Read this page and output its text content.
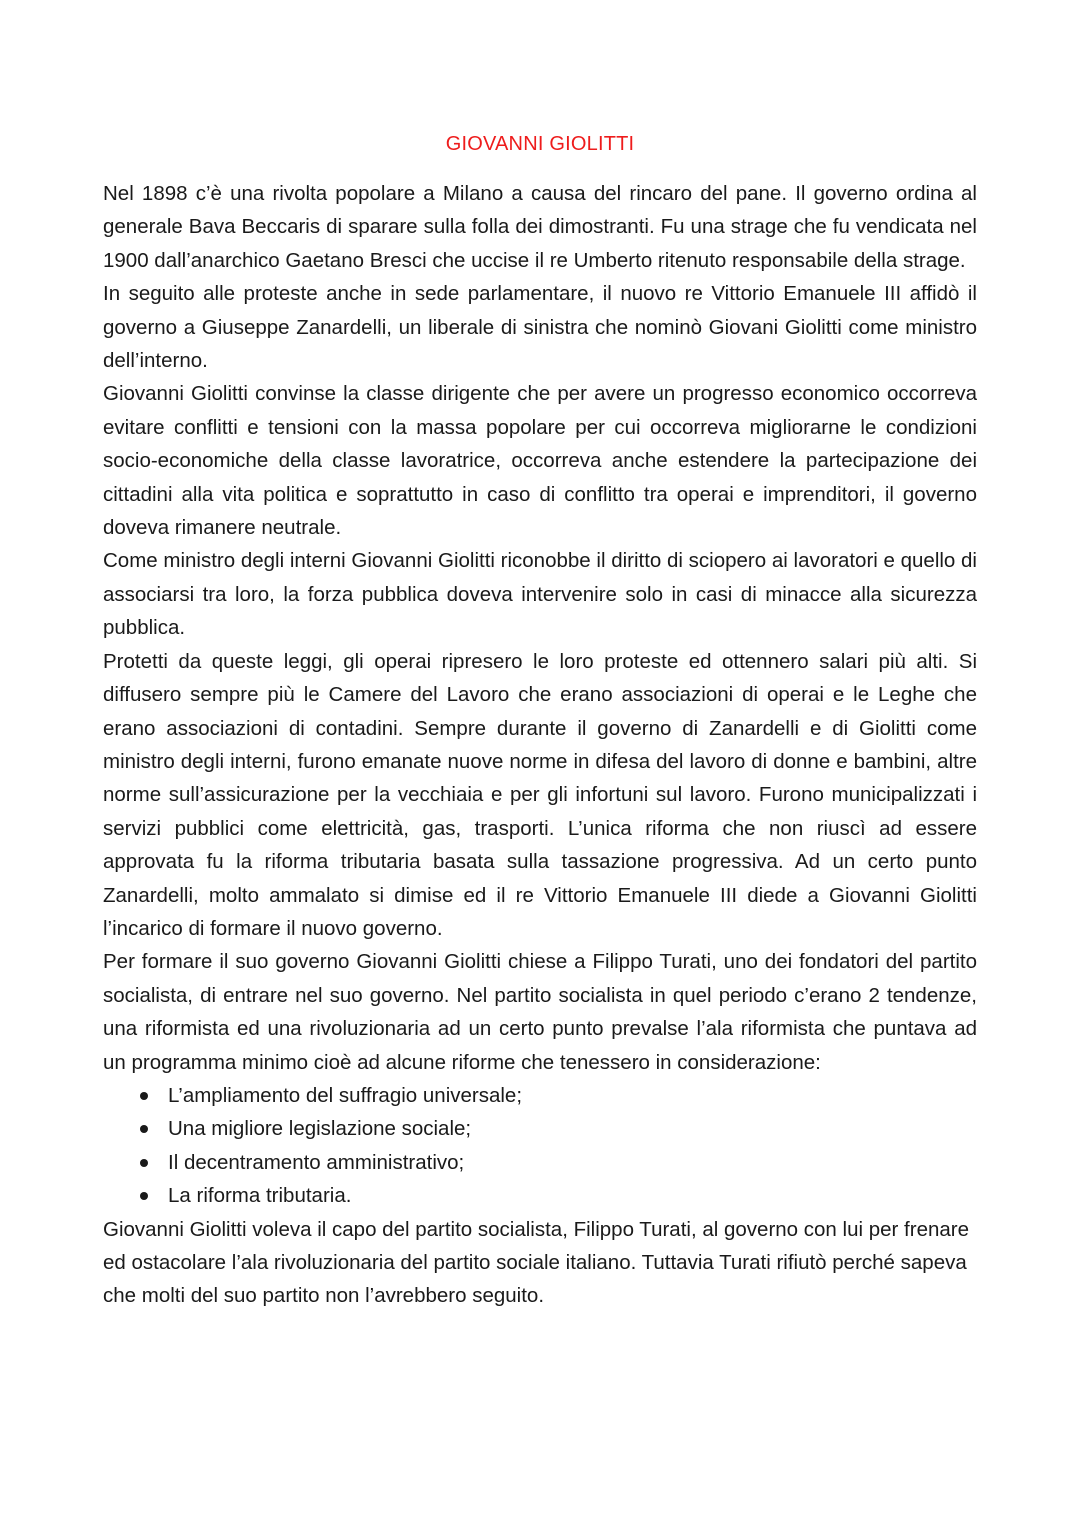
GIOVANNI GIOLITTI

Nel 1898 c’è una rivolta popolare a Milano a causa del rincaro del pane. Il governo ordina al generale Bava Beccaris di sparare sulla folla dei dimostranti. Fu una strage che fu vendicata nel 1900 dall’anarchico Gaetano Bresci che uccise il re Umberto ritenuto responsabile della strage.

In seguito alle proteste anche in sede parlamentare, il nuovo re Vittorio Emanuele III affidò il governo a Giuseppe Zanardelli, un liberale di sinistra che nominò Giovani Giolitti come ministro dell’interno.

Giovanni Giolitti convinse la classe dirigente che per avere un progresso economico occorreva evitare conflitti e tensioni con la massa popolare per cui occorreva migliorarne le condizioni socio-economiche della classe lavoratrice, occorreva anche estendere la partecipazione dei cittadini alla vita politica e soprattutto in caso di conflitto tra operai e imprenditori, il governo doveva rimanere neutrale.

Come ministro degli interni Giovanni Giolitti riconobbe il diritto di sciopero ai lavoratori e quello di associarsi tra loro, la forza pubblica doveva intervenire solo in casi di minacce alla sicurezza pubblica.

Protetti da queste leggi, gli operai ripresero le loro proteste ed ottennero salari più alti. Si diffusero sempre più le Camere del Lavoro che erano associazioni di operai e le Leghe che erano associazioni di contadini. Sempre durante il governo di Zanardelli e di Giolitti come ministro degli interni, furono emanate nuove norme in difesa del lavoro di donne e bambini, altre norme sull’assicurazione per la vecchiaia e per gli infortuni sul lavoro. Furono municipalizzati i servizi pubblici come elettricità, gas, trasporti. L’unica riforma che non riuscì ad essere approvata fu la riforma tributaria basata sulla tassazione progressiva. Ad un certo punto Zanardelli, molto ammalato si dimise ed il re Vittorio Emanuele III diede a Giovanni Giolitti l’incarico di formare il nuovo governo.

Per formare il suo governo Giovanni Giolitti chiese a Filippo Turati, uno dei fondatori del partito socialista, di entrare nel suo governo. Nel partito socialista in quel periodo c’erano 2 tendenze, una riformista ed una rivoluzionaria ad un certo punto prevalse l’ala riformista che puntava ad un programma minimo cioè ad alcune riforme che tenessero in considerazione:

L’ampliamento del suffragio universale;
Una migliore legislazione sociale;
Il decentramento amministrativo;
La riforma tributaria.

Giovanni Giolitti voleva il capo del partito socialista, Filippo Turati, al governo con lui per frenare ed ostacolare l’ala rivoluzionaria del partito sociale italiano. Tuttavia Turati rifiutò perché sapeva che molti del suo partito non l’avrebbero seguito.
